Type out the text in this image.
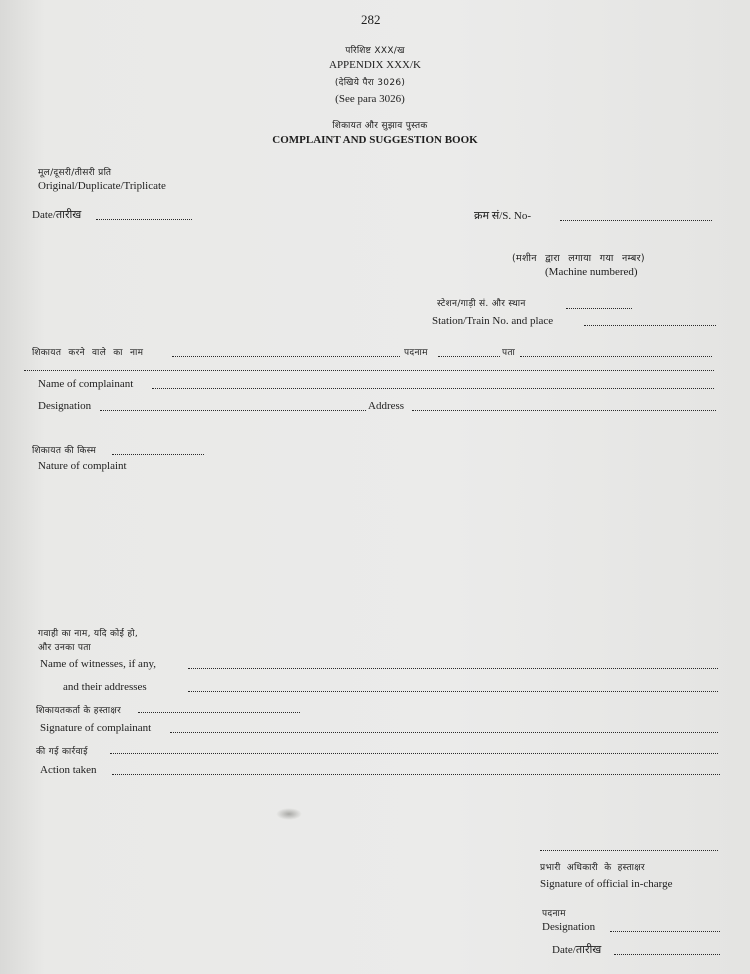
282
परिशिष्ट XXX/ख
APPENDIX XXX/K
(देखिये पैरा 3026)
(See para 3026)
शिकायत और सुझाव पुस्तक
COMPLAINT AND SUGGESTION BOOK
मूल/दूसरी/तीसरी प्रति
Original/Duplicate/Triplicate
Date/तारीख	क्रम सं/S. No-
(मशीन द्वारा लगाया गया नम्बर)
(Machine numbered)
स्टेशन/गाड़ी सं. और स्थान
Station/Train No. and place
शिकायत करने वाले का नाम	पदनाम	पता
Name of complainant
Designation	Address
शिकायत की किस्म
Nature of complaint
गवाही का नाम, यदि कोई हो,
और उनका पता
Name of witnesses, if any,
and their addresses
शिकायतकर्ता के हस्ताक्षर
Signature of complainant
की गई कार्रवाई
Action taken
प्रभारी अधिकारी के हस्ताक्षर
Signature of official in-charge
पदनाम
Designation
Date/तारीख
